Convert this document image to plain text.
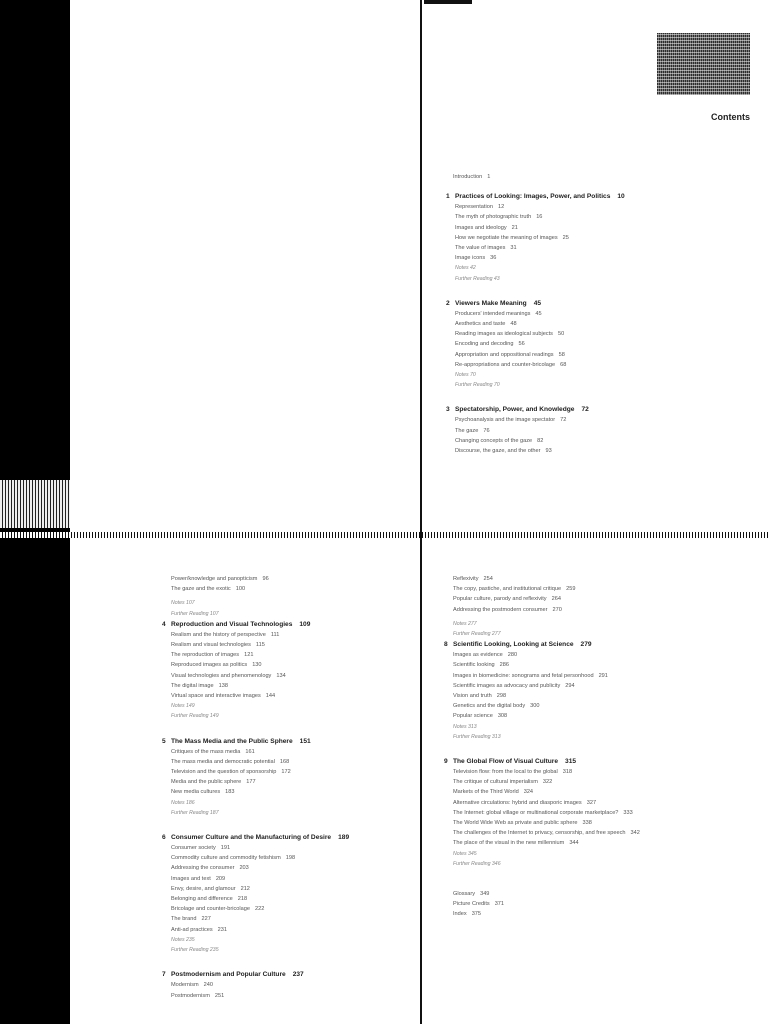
Contents
Introduction 1
1 Practices of Looking: Images, Power, and Politics 10
Representation 12
The myth of photographic truth 16
Images and ideology 21
How we negotiate the meaning of images 25
The value of images 31
Image icons 36
Notes 42
Further Reading 43
2 Viewers Make Meaning 45
Producers' intended meanings 45
Aesthetics and taste 48
Reading images as ideological subjects 50
Encoding and decoding 56
Appropriation and oppositional readings 58
Re-appropriations and counter-bricolage 68
Notes 70
Further Reading 70
3 Spectatorship, Power, and Knowledge 72
Psychoanalysis and the image spectator 72
The gaze 76
Changing concepts of the gaze 82
Discourse, the gaze, and the other 93
Power/knowledge and panopticism 96
The gaze and the exotic 100
Notes 107
Further Reading 107
4 Reproduction and Visual Technologies 109
Realism and the history of perspective 111
Realism and visual technologies 115
The reproduction of images 121
Reproduced images as politics 130
Visual technologies and phenomenology 134
The digital image 138
Virtual space and interactive images 144
Notes 149
Further Reading 149
5 The Mass Media and the Public Sphere 151
Critiques of the mass media 161
The mass media and democratic potential 168
Television and the question of sponsorship 172
Media and the public sphere 177
New media cultures 183
Notes 186
Further Reading 187
6 Consumer Culture and the Manufacturing of Desire 189
Consumer society 191
Commodity culture and commodity fetishism 198
Addressing the consumer 203
Images and text 209
Envy, desire, and glamour 212
Belonging and difference 218
Bricolage and counter-bricolage 222
The brand 227
Anti-ad practices 231
Notes 235
Further Reading 235
7 Postmodernism and Popular Culture 237
Modernism 240
Postmodernism 251
Reflexivity 254
The copy, pastiche, and institutional critique 259
Popular culture, parody and reflexivity 264
Addressing the postmodern consumer 270
Notes 277
Further Reading 277
8 Scientific Looking, Looking at Science 279
Images as evidence 280
Scientific looking 286
Images in biomedicine: sonograms and fetal personhood 291
Scientific images as advocacy and publicity 294
Vision and truth 298
Genetics and the digital body 300
Popular science 308
Notes 313
Further Reading 313
9 The Global Flow of Visual Culture 315
Television flow: from the local to the global 318
The critique of cultural imperialism 322
Markets of the Third World 324
Alternative circulations: hybrid and diasporic images 327
The Internet: global village or multinational corporate marketplace? 333
The World Wide Web as private and public sphere 338
The challenges of the Internet to privacy, censorship, and free speech 342
The place of the visual in the new millennium 344
Notes 345
Further Reading 346
Glossary 349
Picture Credits 371
Index 375
